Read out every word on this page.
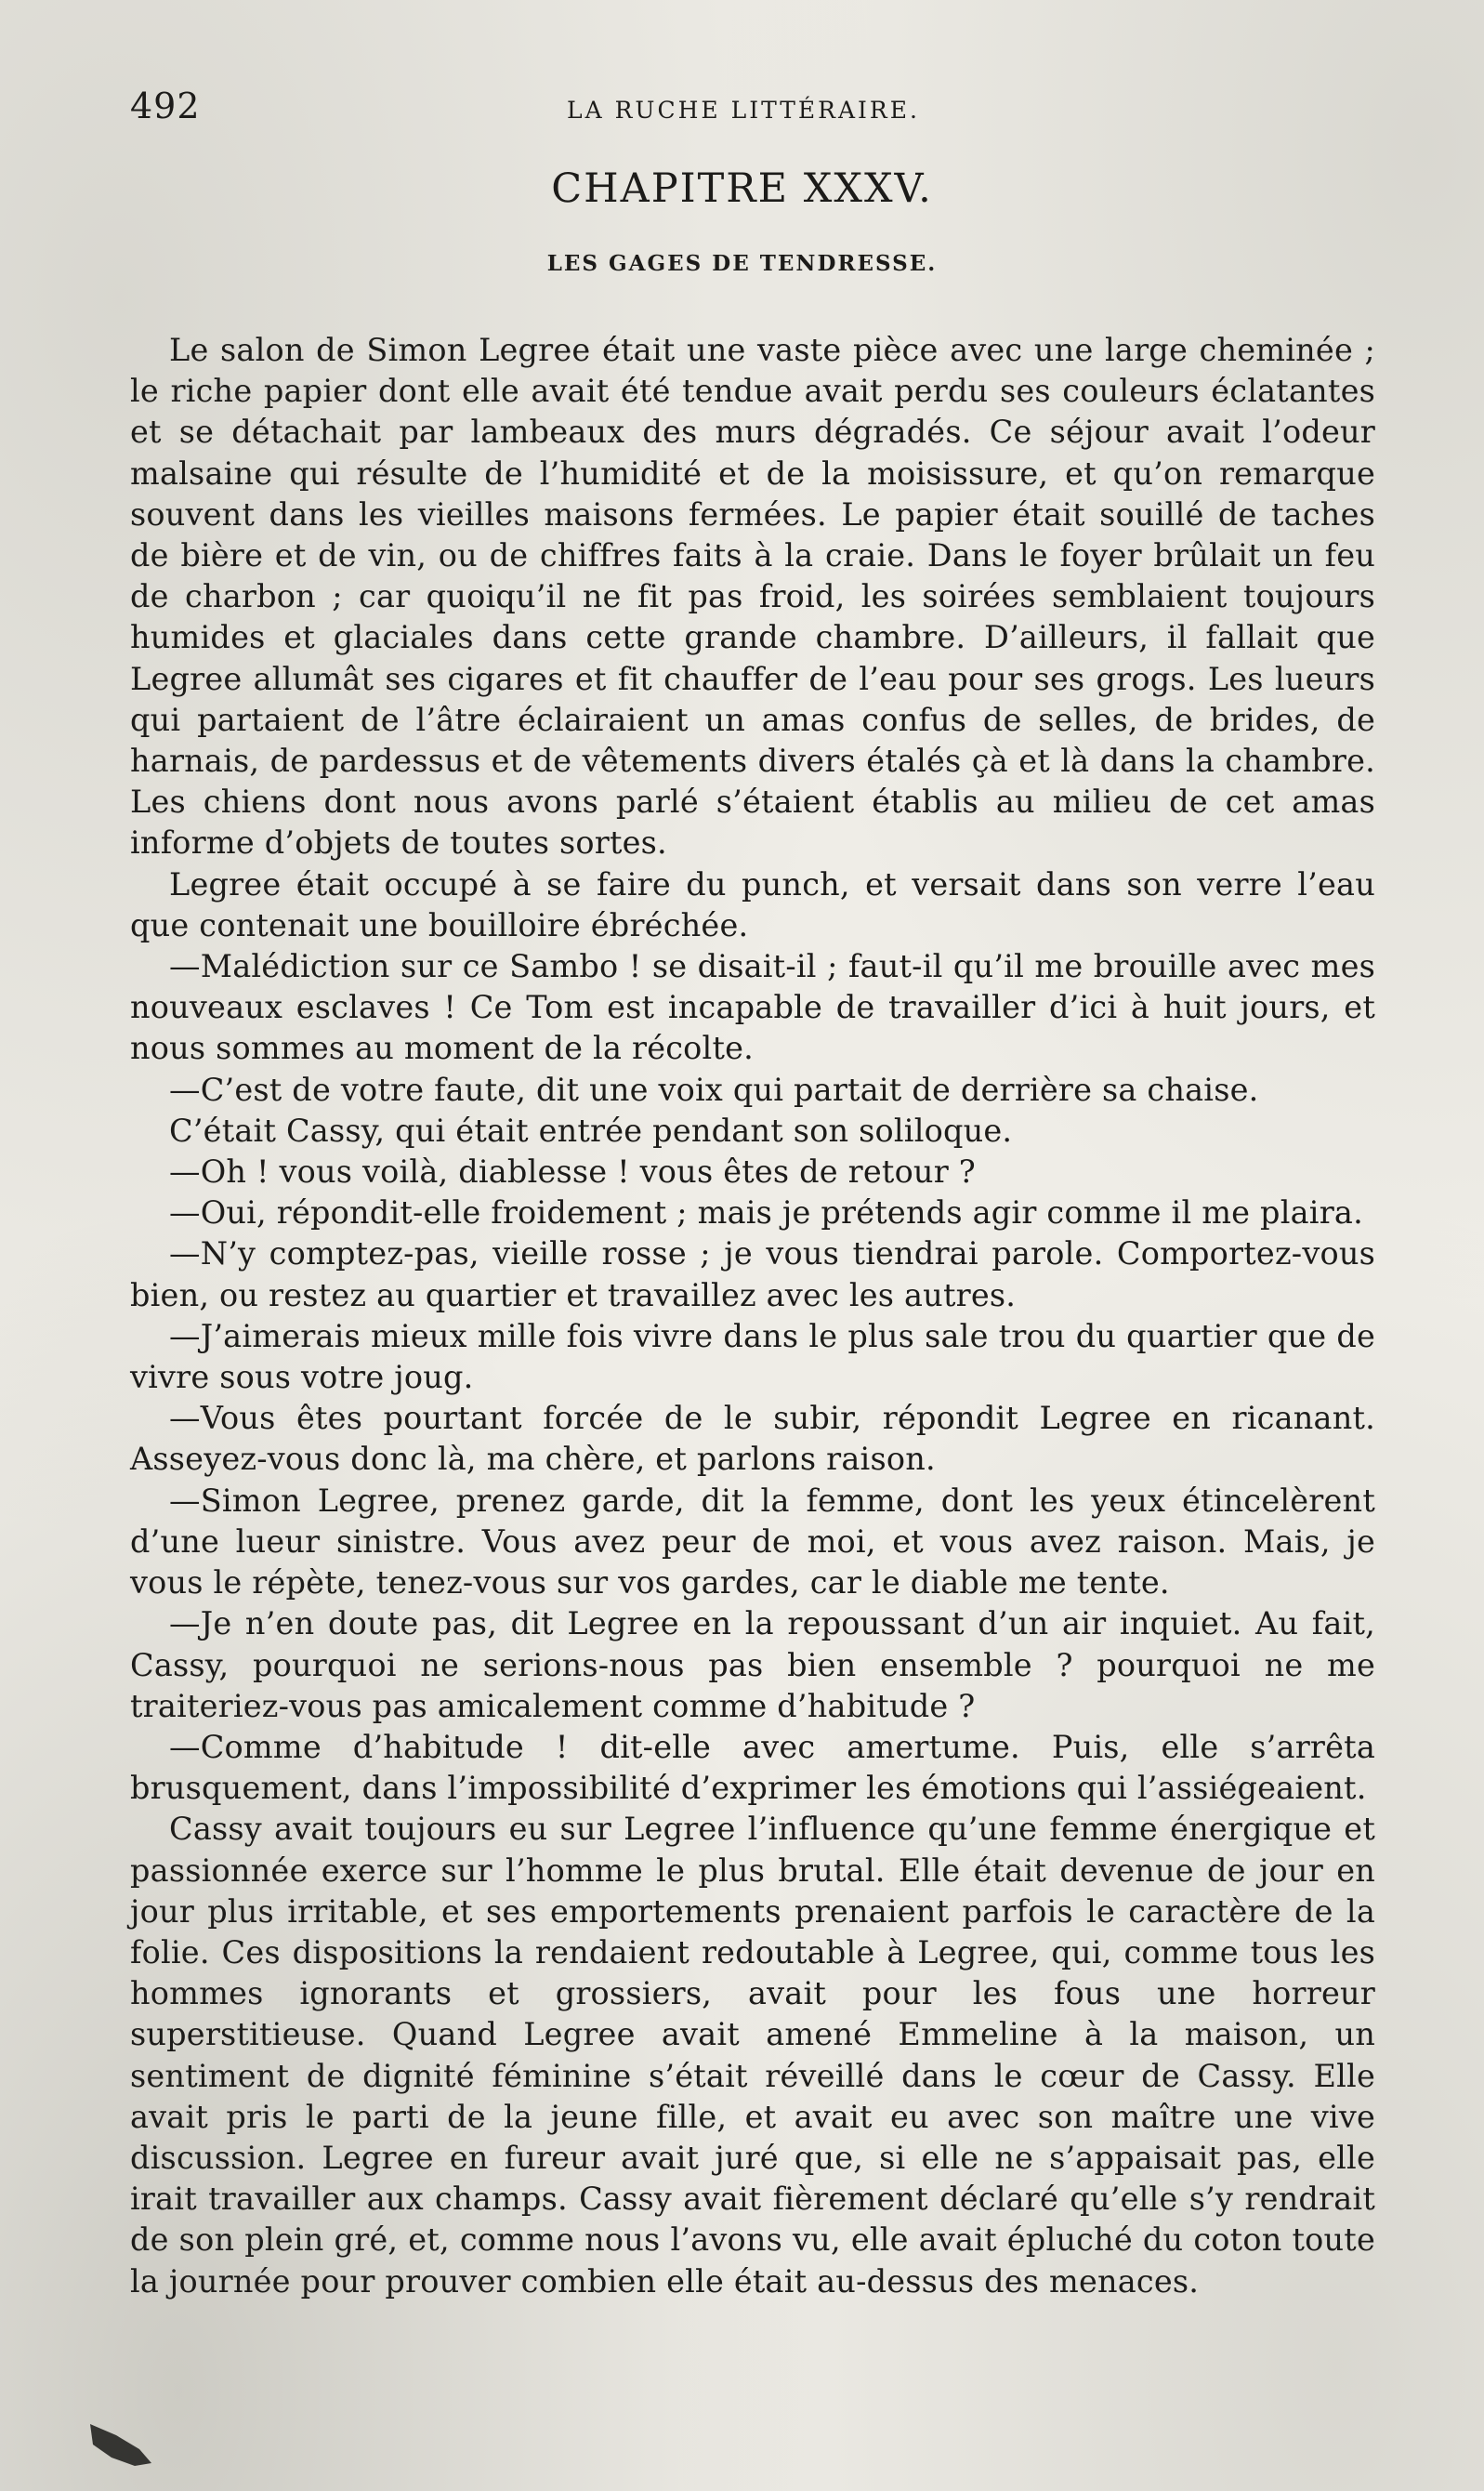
492	LA RUCHE LITTÉRAIRE.
CHAPITRE XXXV.
LES GAGES DE TENDRESSE.

Le salon de Simon Legree était une vaste pièce avec une large cheminée ; le riche papier dont elle avait été tendue avait perdu ses couleurs éclatantes et se détachait par lambeaux des murs dégradés. Ce séjour avait l’odeur malsaine qui résulte de l’humidité et de la moisissure, et qu’on remarque souvent dans les vieilles maisons fermées. Le papier était souillé de taches de bière et de vin, ou de chiffres faits à la craie. Dans le foyer brûlait un feu de charbon ; car quoiqu’il ne fit pas froid, les soirées semblaient toujours humides et glaciales dans cette grande chambre. D’ailleurs, il fallait que Legree allumât ses cigares et fit chauffer de l’eau pour ses grogs. Les lueurs qui partaient de l’âtre éclairaient un amas confus de selles, de brides, de harnais, de pardessus et de vêtements divers étalés çà et là dans la chambre. Les chiens dont nous avons parlé s’étaient établis au milieu de cet amas informe d’objets de toutes sortes.

Legree était occupé à se faire du punch, et versait dans son verre l’eau que contenait une bouilloire ébréchée.

—Malédiction sur ce Sambo ! se disait-il ; faut-il qu’il me brouille avec mes nouveaux esclaves ! Ce Tom est incapable de travailler d’ici à huit jours, et nous sommes au moment de la récolte.

—C’est de votre faute, dit une voix qui partait de derrière sa chaise.

C’était Cassy, qui était entrée pendant son soliloque.

—Oh ! vous voilà, diablesse ! vous êtes de retour ?

—Oui, répondit-elle froidement ; mais je prétends agir comme il me plaira.

—N’y comptez-pas, vieille rosse ; je vous tiendrai parole. Comportez-vous bien, ou restez au quartier et travaillez avec les autres.

—J’aimerais mieux mille fois vivre dans le plus sale trou du quartier que de vivre sous votre joug.

—Vous êtes pourtant forcée de le subir, répondit Legree en ricanant. Asseyez-vous donc là, ma chère, et parlons raison.

—Simon Legree, prenez garde, dit la femme, dont les yeux étincelèrent d’une lueur sinistre. Vous avez peur de moi, et vous avez raison. Mais, je vous le répète, tenez-vous sur vos gardes, car le diable me tente.

—Je n’en doute pas, dit Legree en la repoussant d’un air inquiet. Au fait, Cassy, pourquoi ne serions-nous pas bien ensemble ? pourquoi ne me traiteriez-vous pas amicalement comme d’habitude ?

—Comme d’habitude ! dit-elle avec amertume. Puis, elle s’arrêta brusquement, dans l’impossibilité d’exprimer les émotions qui l’assiégeaient.

Cassy avait toujours eu sur Legree l’influence qu’une femme énergique et passionnée exerce sur l’homme le plus brutal. Elle était devenue de jour en jour plus irritable, et ses emportements prenaient parfois le caractère de la folie. Ces dispositions la rendaient redoutable à Legree, qui, comme tous les hommes ignorants et grossiers, avait pour les fous une horreur superstitieuse. Quand Legree avait amené Emmeline à la maison, un sentiment de dignité féminine s’était réveillé dans le cœur de Cassy. Elle avait pris le parti de la jeune fille, et avait eu avec son maître une vive discussion. Legree en fureur avait juré que, si elle ne s’appaisait pas, elle irait travailler aux champs. Cassy avait fièrement déclaré qu’elle s’y rendrait de son plein gré, et, comme nous l’avons vu, elle avait épluché du coton toute la journée pour prouver combien elle était au-dessus des menaces.
